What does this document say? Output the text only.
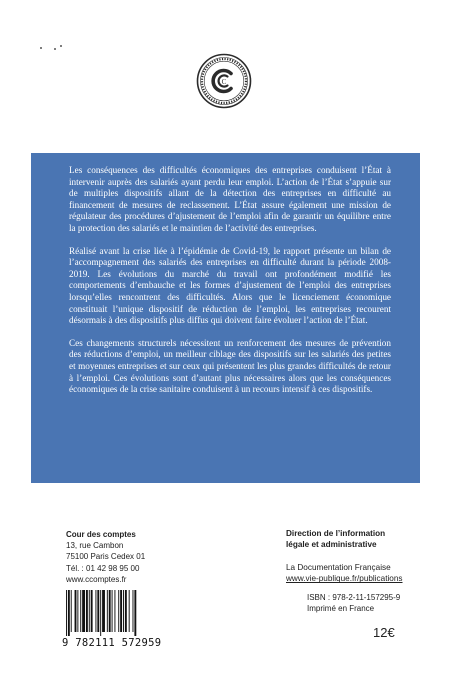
C

Les conséquences des difficultés économiques des entreprises conduisent l’État à intervenir auprès des salariés ayant perdu leur emploi. L’action de l’État s’appuie sur de multiples dispositifs allant de la détection des entreprises en difficulté au financement de mesures de reclassement. L’État assure également une mission de régulateur des procédures d’ajustement de l’emploi afin de garantir un équilibre entre la protection des salariés et le maintien de l’activité des entreprises.

Réalisé avant la crise liée à l’épidémie de Covid-19, le rapport présente un bilan de l’accompagnement des salariés des entreprises en difficulté durant la période 2008-2019. Les évolutions du marché du travail ont profondément modifié les comportements d’embauche et les formes d’ajustement de l’emploi des entreprises lorsqu’elles rencontrent des difficultés. Alors que le licenciement économique constituait l’unique dispositif de réduction de l’emploi, les entreprises recourent désormais à des dispositifs plus diffus qui doivent faire évoluer l’action de l’État.

Ces changements structurels nécessitent un renforcement des mesures de prévention des réductions d’emploi, un meilleur ciblage des dispositifs sur les salariés des petites et moyennes entreprises et sur ceux qui présentent les plus grandes difficultés de retour à l’emploi. Ces évolutions sont d’autant plus nécessaires alors que les conséquences économiques de la crise sanitaire conduisent à un recours intensif à ces dispositifs.

Cour des comptes
13, rue Cambon
75100 Paris Cedex 01
Tél. : 01 42 98 95 00
www.ccomptes.fr
Direction de l’information
légale et administrative
La Documentation Française
www.vie-publique.fr/publications
ISBN : 978-2-11-157295-9
Imprimé en France
12€
9 782111 572959
